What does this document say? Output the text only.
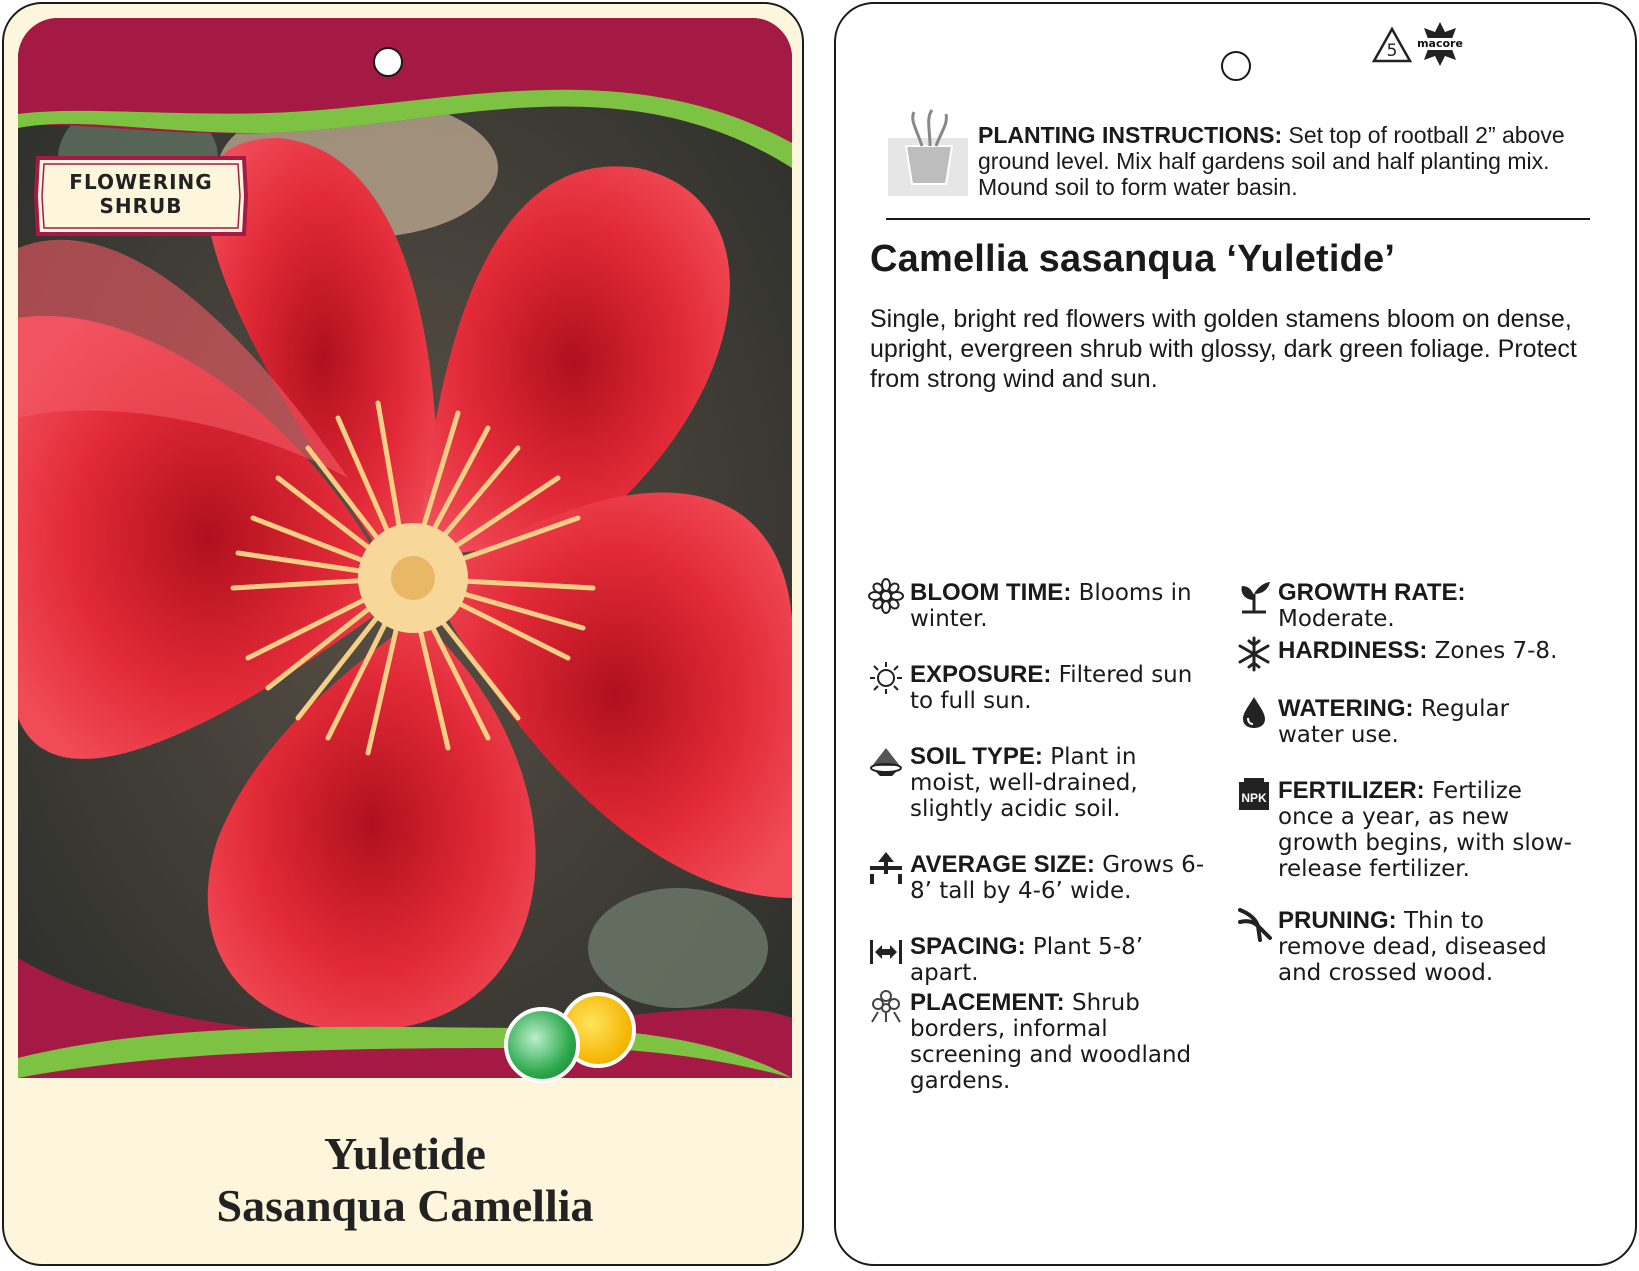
FLOWERING
SHRUB
Yuletide
Sasanqua Camellia
5 macore
PLANTING INSTRUCTIONS: Set top of rootball 2” above ground level. Mix half gardens soil and half planting mix. Mound soil to form water basin.
Camellia sasanqua ‘Yuletide’
Single, bright red flowers with golden stamens bloom on dense, upright, evergreen shrub with glossy, dark green foliage. Protect from strong wind and sun.
BLOOM TIME: Blooms in winter.
EXPOSURE: Filtered sun to full sun.
SOIL TYPE: Plant in moist, well-drained, slightly acidic soil.
AVERAGE SIZE: Grows 6-8’ tall by 4-6’ wide.
SPACING: Plant 5-8’ apart.
PLACEMENT: Shrub borders, informal screening and woodland gardens.
GROWTH RATE: Moderate.
HARDINESS: Zones 7-8.
WATERING: Regular water use.
NPK FERTILIZER: Fertilize once a year, as new growth begins, with slow-release fertilizer.
PRUNING: Thin to remove dead, diseased and crossed wood.
